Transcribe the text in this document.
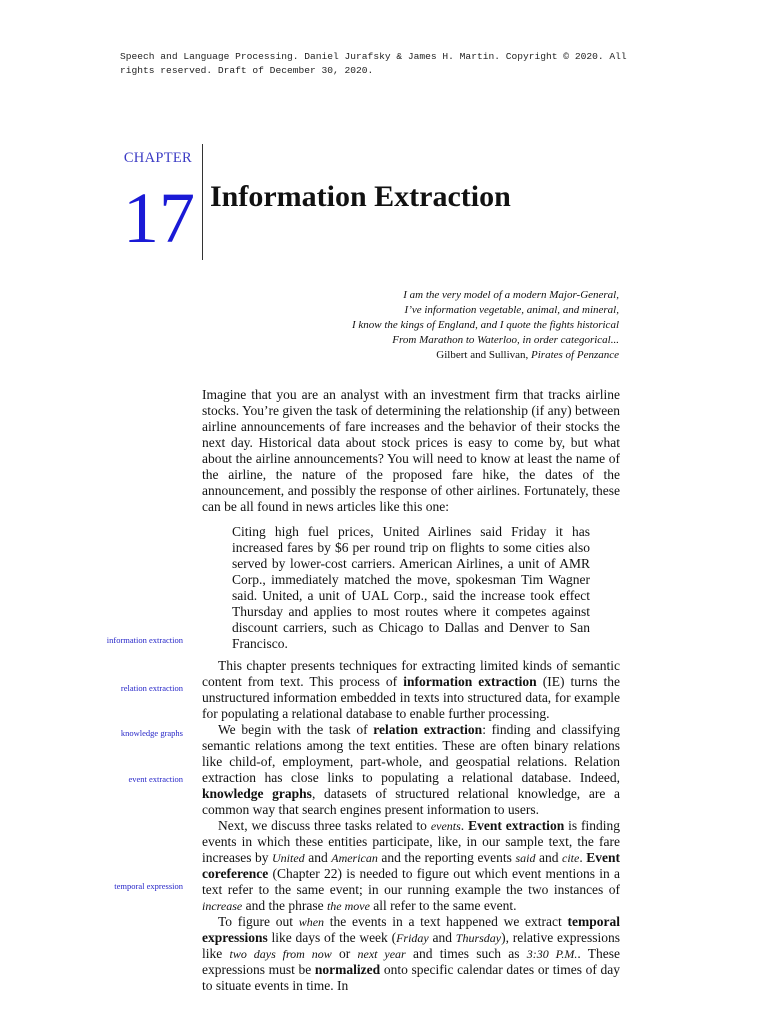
Speech and Language Processing. Daniel Jurafsky & James H. Martin. Copyright © 2020. All
rights reserved. Draft of December 30, 2020.
CHAPTER
17 Information Extraction
I am the very model of a modern Major-General,
I’ve information vegetable, animal, and mineral,
I know the kings of England, and I quote the fights historical
From Marathon to Waterloo, in order categorical...
Gilbert and Sullivan, Pirates of Penzance

Imagine that you are an analyst with an investment firm that tracks airline stocks. You’re given the task of determining the relationship (if any) between airline announcements of fare increases and the behavior of their stocks the next day. Historical data about stock prices is easy to come by, but what about the airline announcements? You will need to know at least the name of the airline, the nature of the proposed fare hike, the dates of the announcement, and possibly the response of other airlines. Fortunately, these can be all found in news articles like this one:

Citing high fuel prices, United Airlines said Friday it has increased fares by $6 per round trip on flights to some cities also served by lower-cost carriers. American Airlines, a unit of AMR Corp., immediately matched the move, spokesman Tim Wagner said. United, a unit of UAL Corp., said the increase took effect Thursday and applies to most routes where it competes against discount carriers, such as Chicago to Dallas and Denver to San Francisco.

This chapter presents techniques for extracting limited kinds of semantic content from text. This process of information extraction (IE) turns the unstructured information embedded in texts into structured data, for example for populating a relational database to enable further processing.

We begin with the task of relation extraction: finding and classifying semantic relations among the text entities. These are often binary relations like child-of, employment, part-whole, and geospatial relations. Relation extraction has close links to populating a relational database. Indeed, knowledge graphs, datasets of structured relational knowledge, are a common way that search engines present information to users.

Next, we discuss three tasks related to events. Event extraction is finding events in which these entities participate, like, in our sample text, the fare increases by United and American and the reporting events said and cite. Event coreference (Chapter 22) is needed to figure out which event mentions in a text refer to the same event; in our running example the two instances of increase and the phrase the move all refer to the same event.

To figure out when the events in a text happened we extract temporal expressions like days of the week (Friday and Thursday), relative expressions like two days from now or next year and times such as 3:30 P.M.. These expressions must be normalized onto specific calendar dates or times of day to situate events in time. In

information extraction
relation extraction
knowledge graphs
event extraction
temporal expression
